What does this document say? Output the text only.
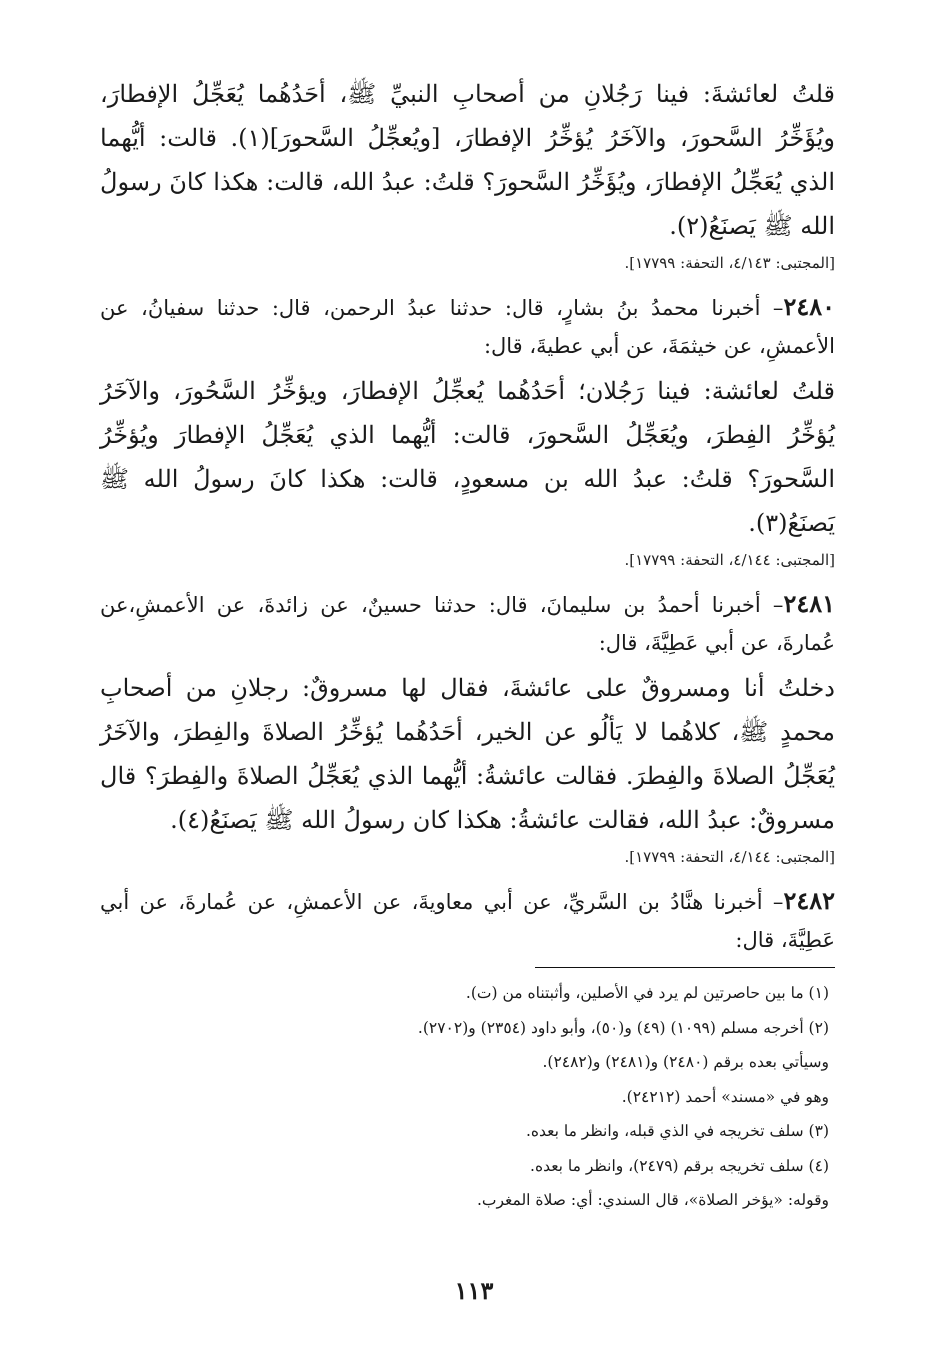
قلتُ لعائشةَ: فينا رَجُلانِ من أصحابِ النبيِّ ﷺ، أحَدُهُما يُعَجِّلُ الإفطارَ، ويُؤَخِّرُ السَّحورَ، والآخَرُ يُؤخِّرُ الإفطارَ، [ويُعجِّلُ السَّحورَ](١). قالت: أيُّهما الذي يُعَجِّلُ الإفطارَ، ويُؤَخِّرُ السَّحورَ؟ قلتُ: عبدُ الله، قالت: هكذا كانَ رسولُ الله ﷺ يَصنَعُ(٢).

[المجتبى: ٤/١٤٣، التحفة: ١٧٧٩٩].

٢٤٨٠– أخبرنا محمدُ بنُ بشارٍ، قال: حدثنا عبدُ الرحمن، قال: حدثنا سفيانُ، عن الأعمشِ، عن خيثمَةَ، عن أبي عطيةَ، قال:

قلتُ لعائشة: فينا رَجُلان؛ أحَدُهُما يُعجِّلُ الإفطارَ، ويؤخِّرُ السَّحُورَ، والآخَرُ يُؤخِّرُ الفِطرَ، ويُعَجِّلُ السَّحورَ، قالت: أيُّهما الذي يُعَجِّلُ الإفطارَ ويُؤخِّرُ السَّحورَ؟ قلتُ: عبدُ الله بن مسعودٍ، قالت: هكذا كانَ رسولُ الله ﷺ يَصنَعُ(٣).

[المجتبى: ٤/١٤٤، التحفة: ١٧٧٩٩].

٢٤٨١– أخبرنا أحمدُ بن سليمانَ، قال: حدثنا حسينٌ، عن زائدةَ، عن الأعمشِ،عن عُمارةَ، عن أبي عَطِيَّةَ، قال:

دخلتُ أنا ومسروقٌ على عائشةَ، فقال لها مسروقٌ: رجلانِ من أصحابِ محمدٍ ﷺ، كلاهُما لا يَألُو عن الخير، أحَدُهُما يُؤخِّرُ الصلاةَ والفِطرَ، والآخَرُ يُعَجِّلُ الصلاةَ والفِطرَ. فقالت عائشةُ: أيُّهما الذي يُعَجِّلُ الصلاةَ والفِطرَ؟ قال مسروقٌ: عبدُ الله، فقالت عائشةُ: هكذا كان رسولُ الله ﷺ يَصنَعُ(٤).

[المجتبى: ٤/١٤٤، التحفة: ١٧٧٩٩].

٢٤٨٢– أخبرنا هنَّادُ بن السَّريِّ، عن أبي معاويةَ، عن الأعمشِ، عن عُمارةَ، عن أبي عَطِيَّةَ، قال:

(١) ما بين حاصرتين لم يرد في الأصلين، وأثبتناه من (ت).

(٢) أخرجه مسلم (١٠٩٩) (٤٩) و(٥٠)، وأبو داود (٢٣٥٤) و(٢٧٠٢).

وسيأتي بعده برقم (٢٤٨٠) و(٢٤٨١) و(٢٤٨٢).

وهو في «مسند» أحمد (٢٤٢١٢).

(٣) سلف تخريجه في الذي قبله، وانظر ما بعده.

(٤) سلف تخريجه برقم (٢٤٧٩)، وانظر ما بعده.

وقوله: «يؤخر الصلاة»، قال السندي: أي: صلاة المغرب.

١١٣
